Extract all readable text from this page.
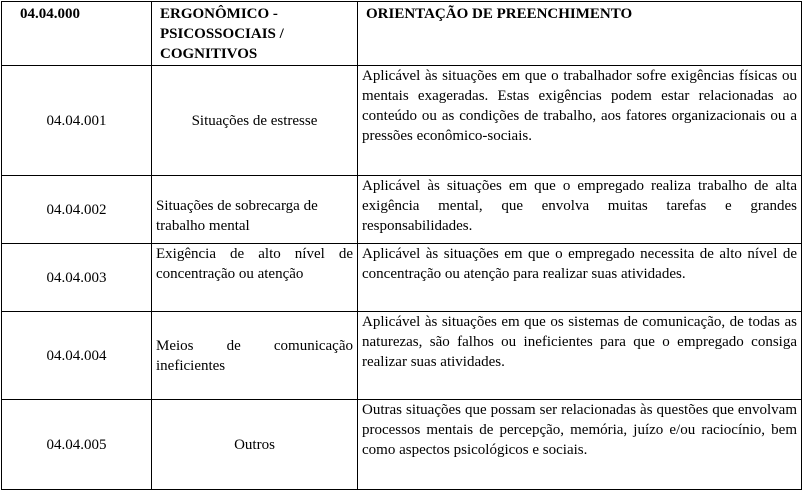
04.04.000	ERGONÔMICO - PSICOSSOCIAIS / COGNITIVOS	ORIENTAÇÃO DE PREENCHIMENTO
04.04.001	Situações de estresse	Aplicável às situações em que o trabalhador sofre exigências físicas ou mentais exageradas. Estas exigências podem estar relacionadas ao conteúdo ou as condições de trabalho, aos fatores organizacionais ou a pressões econômico-sociais.
04.04.002	Situações de sobrecarga de trabalho mental	Aplicável às situações em que o empregado realiza trabalho de alta exigência mental, que envolva muitas tarefas e grandes responsabilidades.
04.04.003	Exigência de alto nível de concentração ou atenção	Aplicável às situações em que o empregado necessita de alto nível de concentração ou atenção para realizar suas atividades.
04.04.004	Meios de comunicação ineficientes	Aplicável às situações em que os sistemas de comunicação, de todas as naturezas, são falhos ou ineficientes para que o empregado consiga realizar suas atividades.
04.04.005	Outros	Outras situações que possam ser relacionadas às questões que envolvam processos mentais de percepção, memória, juízo e/ou raciocínio, bem como aspectos psicológicos e sociais.
